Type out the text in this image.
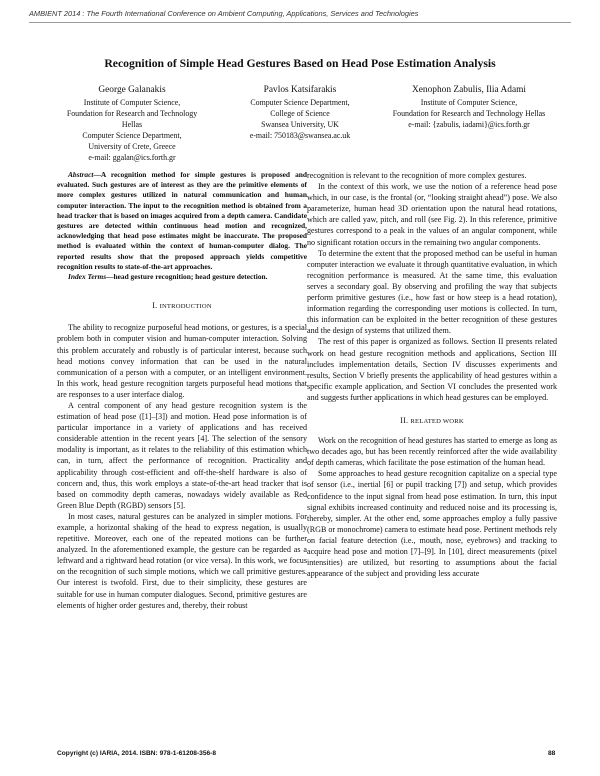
AMBIENT 2014 : The Fourth International Conference on Ambient Computing, Applications, Services and Technologies
Recognition of Simple Head Gestures Based on Head Pose Estimation Analysis
George Galanakis
Institute of Computer Science,
Foundation for Research and Technology Hellas
Computer Science Department,
University of Crete, Greece
e-mail: ggalan@ics.forth.gr
Pavlos Katsifarakis
Computer Science Department,
College of Science
Swansea University, UK
e-mail: 750183@swansea.ac.uk
Xenophon Zabulis, Ilia Adami
Institute of Computer Science,
Foundation for Research and Technology Hellas
e-mail: {zabulis, iadami}@ics.forth.gr

Abstract—A recognition method for simple gestures is proposed and evaluated. Such gestures are of interest as they are the primitive elements of more complex gestures utilized in natural communication and human computer interaction. The input to the recognition method is obtained from a head tracker that is based on images acquired from a depth camera. Candidate gestures are detected within continuous head motion and recognized, acknowledging that head pose estimates might be inaccurate. The proposed method is evaluated within the context of human-computer dialog. The reported results show that the proposed approach yields competitive recognition results to state-of-the-art approaches.

Index Terms—head gesture recognition; head gesture detection.

I. INTRODUCTION

The ability to recognize purposeful head motions, or gestures, is a special problem both in computer vision and human-computer interaction. Solving this problem accurately and robustly is of particular interest, because such head motions convey information that can be used in the natural communication of a person with a computer, or an intelligent environment. In this work, head gesture recognition targets purposeful head motions that are responses to a user interface dialog.

A central component of any head gesture recognition system is the estimation of head pose ([1]–[3]) and motion. Head pose information is of particular importance in a variety of applications and has received considerable attention in the recent years [4]. The selection of the sensory modality is important, as it relates to the reliability of this estimation which can, in turn, affect the performance of recognition. Practicality and applicability through cost-efficient and off-the-shelf hardware is also of concern and, thus, this work employs a state-of-the-art head tracker that is based on commodity depth cameras, nowadays widely available as Red Green Blue Depth (RGBD) sensors [5].

In most cases, natural gestures can be analyzed in simpler motions. For example, a horizontal shaking of the head to express negation, is usually repetitive. Moreover, each one of the repeated motions can be further analyzed. In the aforementioned example, the gesture can be regarded as a leftward and a rightward head rotation (or vice versa). In this work, we focus on the recognition of such simple motions, which we call primitive gestures. Our interest is twofold. First, due to their simplicity, these gestures are suitable for use in human computer dialogues. Second, primitive gestures are elements of higher order gestures and, thereby, their robust

recognition is relevant to the recognition of more complex gestures.

In the context of this work, we use the notion of a reference head pose which, in our case, is the frontal (or, “looking straight ahead”) pose. We also parameterize, human head 3D orientation upon the natural head rotations, which are called yaw, pitch, and roll (see Fig. 2). In this reference, primitive gestures correspond to a peak in the values of an angular component, while no significant rotation occurs in the remaining two angular components.

To determine the extent that the proposed method can be useful in human computer interaction we evaluate it through quantitative evaluation, in which recognition performance is measured. At the same time, this evaluation serves a secondary goal. By observing and profiling the way that subjects perform primitive gestures (i.e., how fast or how steep is a head rotation), information regarding the corresponding user motions is collected. In turn, this information can be exploited in the better recognition of these gestures and the design of systems that utilized them.

The rest of this paper is organized as follows. Section II presents related work on head gesture recognition methods and applications, Section III includes implementation details, Section IV discusses experiments and results, Section V briefly presents the applicability of head gestures within a specific example application, and Section VI concludes the presented work and suggests further applications in which head gestures can be employed.

II. RELATED WORK

Work on the recognition of head gestures has started to emerge as long as two decades ago, but has been recently reinforced after the wide availability of depth cameras, which facilitate the pose estimation of the human head.

Some approaches to head gesture recognition capitalize on a special type of sensor (i.e., inertial [6] or pupil tracking [7]) and setup, which provides confidence to the input signal from head pose estimation. In turn, this input signal exhibits increased continuity and reduced noise and its processing is, thereby, simpler. At the other end, some approaches employ a fully passive (RGB or monochrome) camera to estimate head pose. Pertinent methods rely on facial feature detection (i.e., mouth, nose, eyebrows) and tracking to acquire head pose and motion [7]–[9]. In [10], direct measurements (pixel intensities) are utilized, but resorting to assumptions about the facial appearance of the subject and providing less accurate

Copyright (c) IARIA, 2014. ISBN: 978-1-61208-356-8	88
